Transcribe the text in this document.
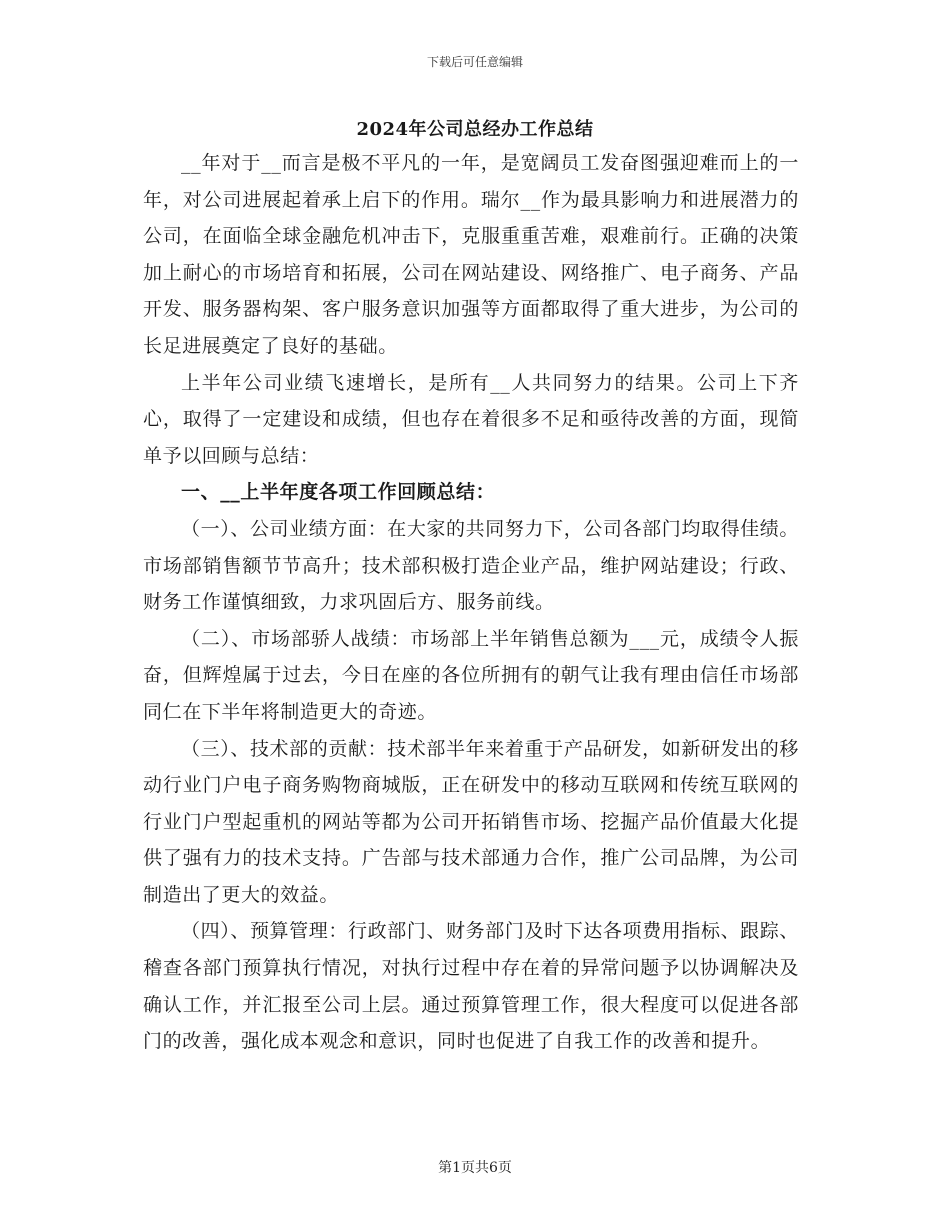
下载后可任意编辑
2024年公司总经办工作总结

__年对于__而言是极不平凡的一年，是宽阔员工发奋图强迎难而上的一年，对公司进展起着承上启下的作用。瑞尔__作为最具影响力和进展潜力的公司，在面临全球金融危机冲击下，克服重重苦难，艰难前行。正确的决策加上耐心的市场培育和拓展，公司在网站建设、网络推广、电子商务、产品开发、服务器构架、客户服务意识加强等方面都取得了重大进步，为公司的长足进展奠定了良好的基础。

上半年公司业绩飞速增长，是所有__人共同努力的结果。公司上下齐心，取得了一定建设和成绩，但也存在着很多不足和亟待改善的方面，现简单予以回顾与总结：

一、__上半年度各项工作回顾总结：

（一）、公司业绩方面：在大家的共同努力下，公司各部门均取得佳绩。市场部销售额节节高升；技术部积极打造企业产品，维护网站建设；行政、财务工作谨慎细致，力求巩固后方、服务前线。

（二）、市场部骄人战绩：市场部上半年销售总额为___元，成绩令人振奋，但辉煌属于过去，今日在座的各位所拥有的朝气让我有理由信任市场部同仁在下半年将制造更大的奇迹。

（三）、技术部的贡献：技术部半年来着重于产品研发，如新研发出的移动行业门户电子商务购物商城版，正在研发中的移动互联网和传统互联网的行业门户型起重机的网站等都为公司开拓销售市场、挖掘产品价值最大化提供了强有力的技术支持。广告部与技术部通力合作，推广公司品牌，为公司制造出了更大的效益。

（四）、预算管理：行政部门、财务部门及时下达各项费用指标、跟踪、稽查各部门预算执行情况，对执行过程中存在着的异常问题予以协调解决及确认工作，并汇报至公司上层。通过预算管理工作，很大程度可以促进各部门的改善，强化成本观念和意识，同时也促进了自我工作的改善和提升。

第1页共6页
